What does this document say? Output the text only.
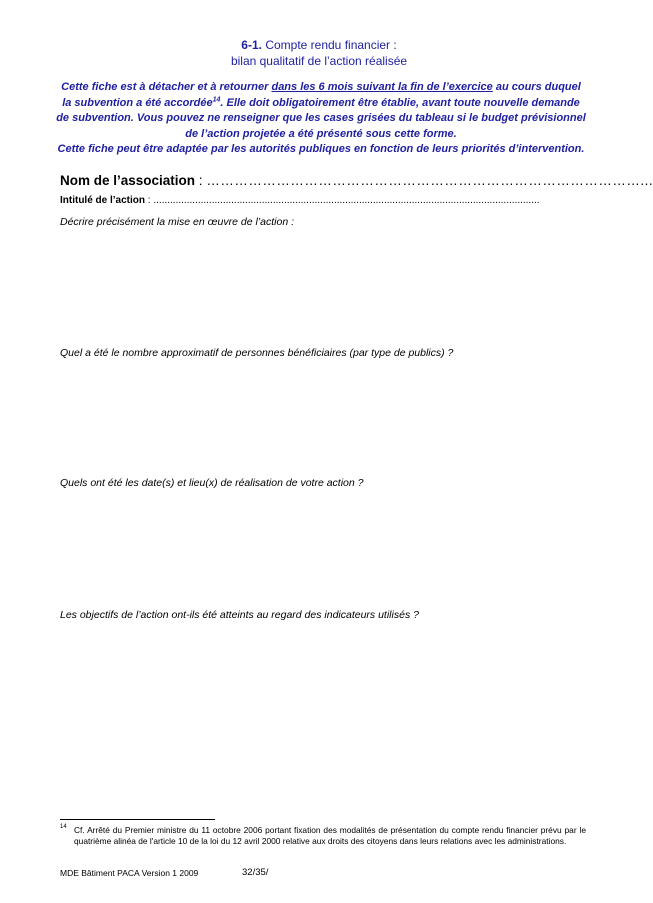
6-1. Compte rendu financier :
bilan qualitatif de l’action réalisée
Cette fiche est à détacher et à retourner dans les 6 mois suivant la fin de l’exercice au cours duquel la subvention a été accordée$^{14}$. Elle doit obligatoirement être établie, avant toute nouvelle demande de subvention. Vous pouvez ne renseigner que les cases grisées du tableau si le budget prévisionnel de l’action projetée a été présenté sous cette forme.
Cette fiche peut être adaptée par les autorités publiques en fonction de leurs priorités d’intervention.
Nom de l’association : …………………………………………………………………………………...
Intitulé de l’action : ...........................................................................................................................................
Décrire précisément la mise en œuvre de l’action :
Quel a été le nombre approximatif de personnes bénéficiaires (par type de publics) ?
Quels ont été les date(s) et lieu(x) de réalisation de votre action ?
Les objectifs de l’action ont-ils été atteints au regard des indicateurs utilisés ?
14 Cf. Arrêté du Premier ministre du 11 octobre 2006 portant fixation des modalités de présentation du compte rendu financier prévu par le quatrième alinéa de l'article 10 de la loi du 12 avril 2000 relative aux droits des citoyens dans leurs relations avec les administrations.
MDE Bâtiment PACA Version 1 2009	32/35/
